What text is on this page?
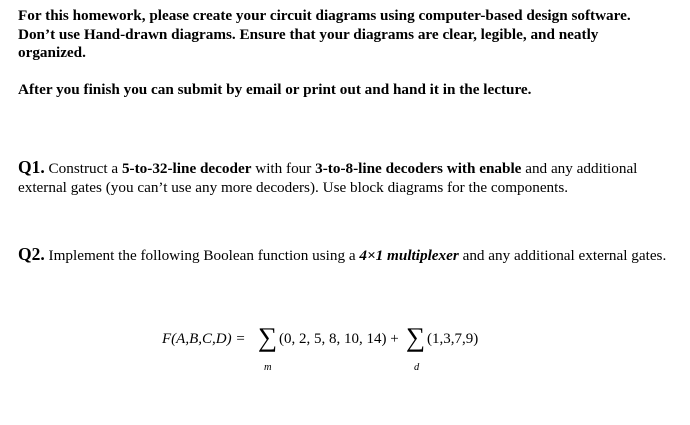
For this homework, please create your circuit diagrams using computer-based design software. Don’t use Hand-drawn diagrams. Ensure that your diagrams are clear, legible, and neatly organized.
After you finish you can submit by email or print out and hand it in the lecture.
Q1. Construct a 5-to-32-line decoder with four 3-to-8-line decoders with enable and any additional external gates (you can’t use any more decoders). Use block diagrams for the components.
Q2. Implement the following Boolean function using a 4×1 multiplexer and any additional external gates.
F(A,B,C,D) = ∑ (0, 2, 5, 8, 10, 14) +
m
∑ (1,3,7,9)
d
